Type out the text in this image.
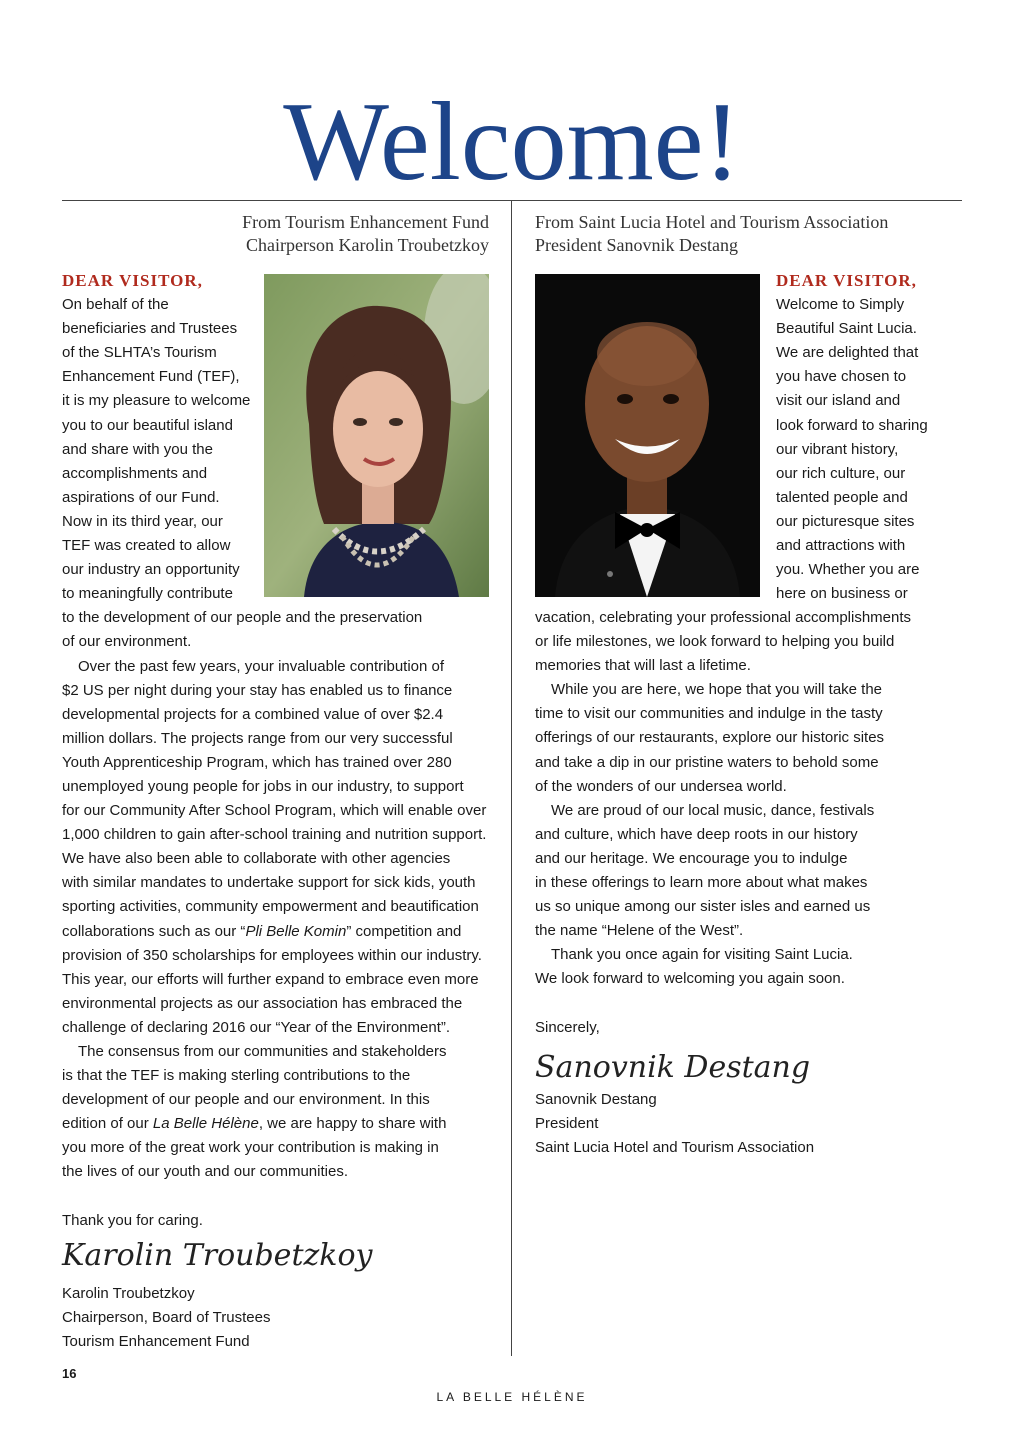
Welcome!
From Tourism Enhancement Fund
Chairperson Karolin Troubetzkoy
From Saint Lucia Hotel and Tourism Association
President Sanovnik Destang
DEAR VISITOR,
On behalf of the
beneficiaries and Trustees
of the SLHTA’s Tourism
Enhancement Fund (TEF),
it is my pleasure to welcome
you to our beautiful island
and share with you the
accomplishments and
aspirations of our Fund.
Now in its third year, our
TEF was created to allow
our industry an opportunity
to meaningfully contribute
to the development of our people and the preservation
of our environment.
Over the past few years, your invaluable contribution of
$2 US per night during your stay has enabled us to finance
developmental projects for a combined value of over $2.4
million dollars. The projects range from our very successful
Youth Apprenticeship Program, which has trained over 280
unemployed young people for jobs in our industry, to support
for our Community After School Program, which will enable over
1,000 children to gain after-school training and nutrition support.
We have also been able to collaborate with other agencies
with similar mandates to undertake support for sick kids, youth
sporting activities, community empowerment and beautification
collaborations such as our “Pli Belle Komin” competition and
provision of 350 scholarships for employees within our industry.
This year, our efforts will further expand to embrace even more
environmental projects as our association has embraced the
challenge of declaring 2016 our “Year of the Environment”.
The consensus from our communities and stakeholders
is that the TEF is making sterling contributions to the
development of our people and our environment. In this
edition of our La Belle Hélène, we are happy to share with
you more of the great work your contribution is making in
the lives of our youth and our communities.
Thank you for caring.
Karolin Troubetzkoy
Karolin Troubetzkoy
Chairperson, Board of Trustees
Tourism Enhancement Fund
DEAR VISITOR,
Welcome to Simply
Beautiful Saint Lucia.
We are delighted that
you have chosen to
visit our island and
look forward to sharing
our vibrant history,
our rich culture, our
talented people and
our picturesque sites
and attractions with
you. Whether you are
here on business or
vacation, celebrating your professional accomplishments
or life milestones, we look forward to helping you build
memories that will last a lifetime.
While you are here, we hope that you will take the
time to visit our communities and indulge in the tasty
offerings of our restaurants, explore our historic sites
and take a dip in our pristine waters to behold some
of the wonders of our undersea world.
We are proud of our local music, dance, festivals
and culture, which have deep roots in our history
and our heritage. We encourage you to indulge
in these offerings to learn more about what makes
us so unique among our sister isles and earned us
the name “Helene of the West”.
Thank you once again for visiting Saint Lucia.
We look forward to welcoming you again soon.
Sincerely,
Sanovnik Destang
Sanovnik Destang
President
Saint Lucia Hotel and Tourism Association
16
LA BELLE HÉLÈNE
